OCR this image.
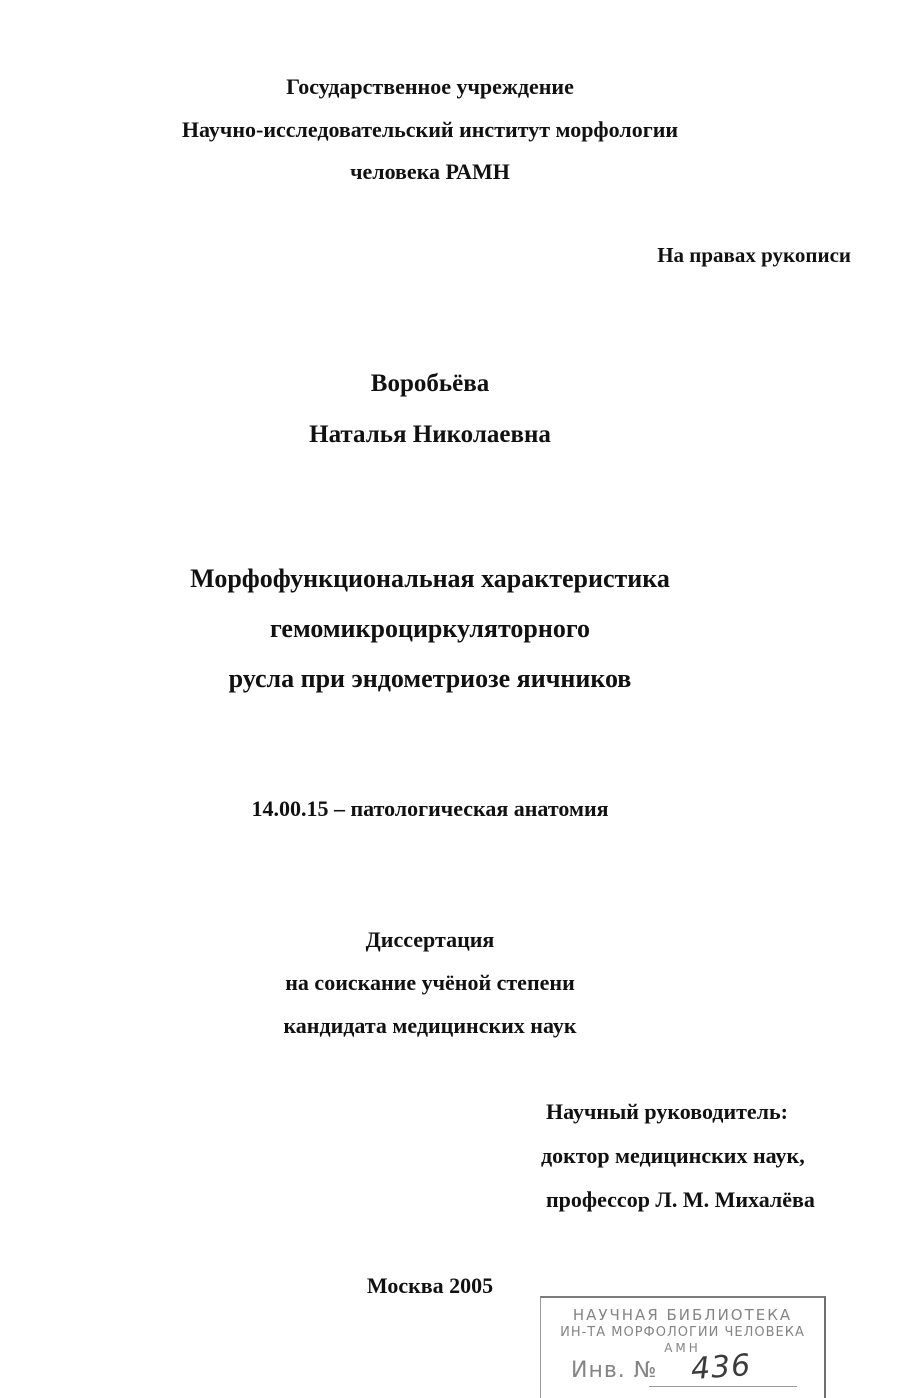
Государственное учреждение
Научно-исследовательский институт морфологии
человека РАМН
На правах рукописи
Воробьёва
Наталья Николаевна
Морфофункциональная характеристика
гемомикроциркуляторного
русла при эндометриозе яичников
14.00.15 – патологическая анатомия
Диссертация
на соискание учёной степени
кандидата медицинских наук
Научный руководитель:
доктор медицинских наук,
профессор Л. М. Михалёва
Москва 2005
НАУЧНАЯ БИБЛИОТЕКА
ИН-ТА МОРФОЛОГИИ ЧЕЛОВЕКА
АМН
Инв. № 436
